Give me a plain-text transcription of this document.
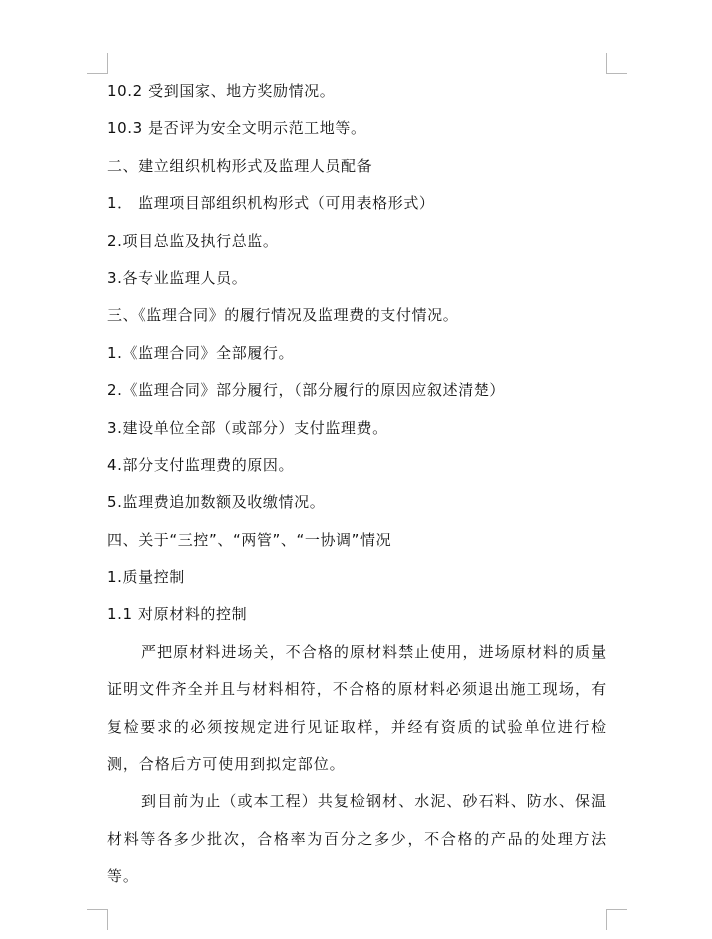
10.2 受到国家、地方奖励情况。
10.3 是否评为安全文明示范工地等。
二、建立组织机构形式及监理人员配备
1． 监理项目部组织机构形式（可用表格形式）
2.项目总监及执行总监。
3.各专业监理人员。
三、《监理合同》的履行情况及监理费的支付情况。
1.《监理合同》全部履行。
2.《监理合同》部分履行，（部分履行的原因应叙述清楚）
3.建设单位全部（或部分）支付监理费。
4.部分支付监理费的原因。
5.监理费追加数额及收缴情况。
四、关于“三控”、“两管”、“一协调”情况
1.质量控制
1.1 对原材料的控制
严把原材料进场关，不合格的原材料禁止使用，进场原材料的质量证明文件齐全并且与材料相符，不合格的原材料必须退出施工现场，有复检要求的必须按规定进行见证取样，并经有资质的试验单位进行检测，合格后方可使用到拟定部位。
到目前为止（或本工程）共复检钢材、水泥、砂石料、防水、保温材料等各多少批次，合格率为百分之多少，不合格的产品的处理方法等。
